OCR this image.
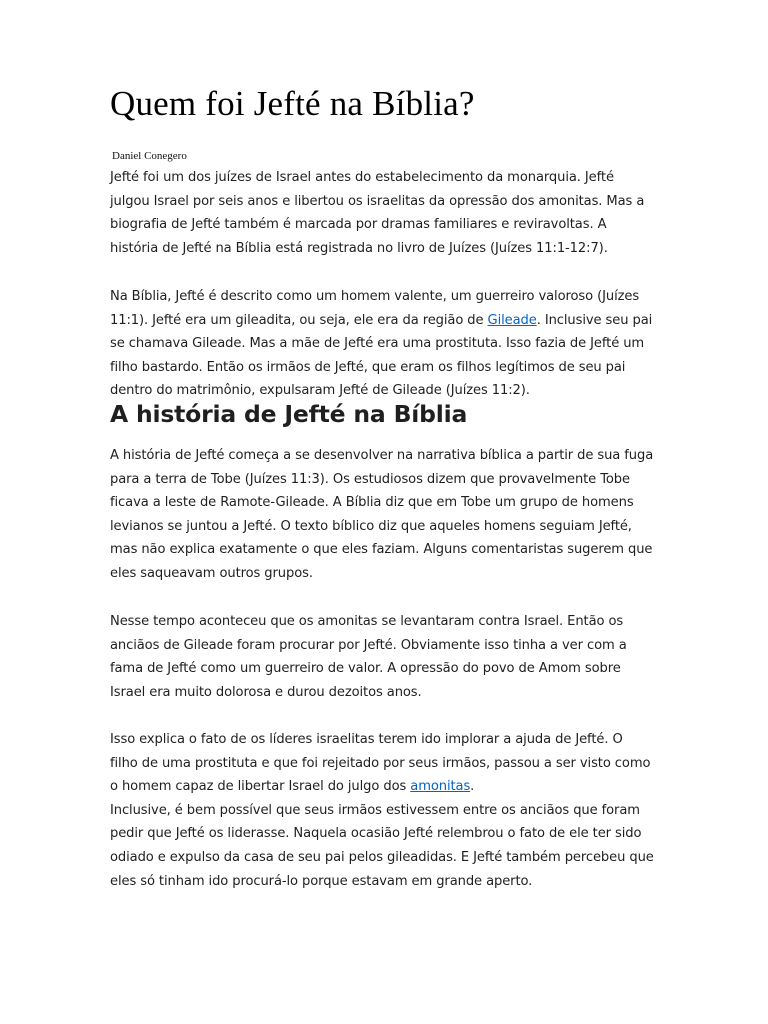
Quem foi Jefté na Bíblia?
Daniel Conegero

Jefté foi um dos juízes de Israel antes do estabelecimento da monarquia. Jefté

julgou Israel por seis anos e libertou os israelitas da opressão dos amonitas. Mas a

biografia de Jefté também é marcada por dramas familiares e reviravoltas. A

história de Jefté na Bíblia está registrada no livro de Juízes (Juízes 11:1-12:7).

Na Bíblia, Jefté é descrito como um homem valente, um guerreiro valoroso (Juízes

11:1). Jefté era um gileadita, ou seja, ele era da região de Gileade. Inclusive seu pai

se chamava Gileade. Mas a mãe de Jefté era uma prostituta. Isso fazia de Jefté um

filho bastardo. Então os irmãos de Jefté, que eram os filhos legítimos de seu pai

dentro do matrimônio, expulsaram Jefté de Gileade (Juízes 11:2).

A história de Jefté na Bíblia

A história de Jefté começa a se desenvolver na narrativa bíblica a partir de sua fuga

para a terra de Tobe (Juízes 11:3). Os estudiosos dizem que provavelmente Tobe

ficava a leste de Ramote-Gileade. A Bíblia diz que em Tobe um grupo de homens

levianos se juntou a Jefté. O texto bíblico diz que aqueles homens seguiam Jefté,

mas não explica exatamente o que eles faziam. Alguns comentaristas sugerem que

eles saqueavam outros grupos.

Nesse tempo aconteceu que os amonitas se levantaram contra Israel. Então os

anciãos de Gileade foram procurar por Jefté. Obviamente isso tinha a ver com a

fama de Jefté como um guerreiro de valor. A opressão do povo de Amom sobre

Israel era muito dolorosa e durou dezoitos anos.

Isso explica o fato de os líderes israelitas terem ido implorar a ajuda de Jefté. O

filho de uma prostituta e que foi rejeitado por seus irmãos, passou a ser visto como

o homem capaz de libertar Israel do julgo dos amonitas.

Inclusive, é bem possível que seus irmãos estivessem entre os anciãos que foram

pedir que Jefté os liderasse. Naquela ocasião Jefté relembrou o fato de ele ter sido

odiado e expulso da casa de seu pai pelos gileadidas. E Jefté também percebeu que

eles só tinham ido procurá-lo porque estavam em grande aperto.
